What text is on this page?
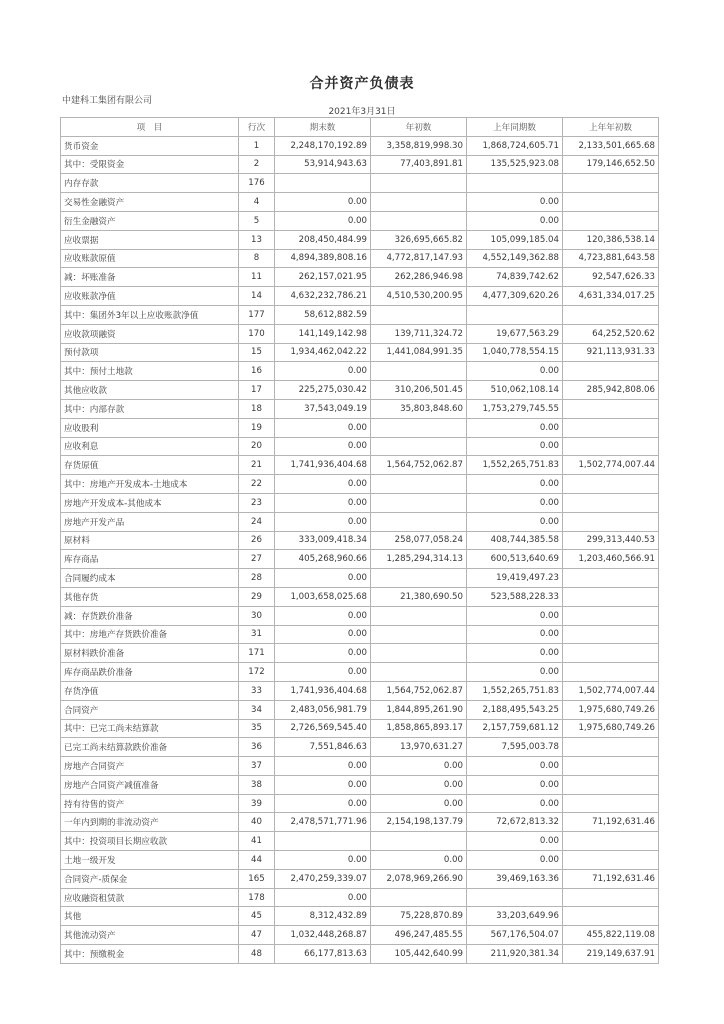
合并资产负债表
中建科工集团有限公司
2021年3月31日
项　目	行次	期末数	年初数	上年同期数	上年年初数
货币资金	1	2,248,170,192.89	3,358,819,998.30	1,868,724,605.71	2,133,501,665.68
其中：受限资金	2	53,914,943.63	77,403,891.81	135,525,923.08	179,146,652.50
内存存款	176				
交易性金融资产	4	0.00		0.00	
衍生金融资产	5	0.00		0.00	
应收票据	13	208,450,484.99	326,695,665.82	105,099,185.04	120,386,538.14
应收账款原值	8	4,894,389,808.16	4,772,817,147.93	4,552,149,362.88	4,723,881,643.58
减：坏账准备	11	262,157,021.95	262,286,946.98	74,839,742.62	92,547,626.33
应收账款净值	14	4,632,232,786.21	4,510,530,200.95	4,477,309,620.26	4,631,334,017.25
其中：集团外3年以上应收账款净值	177	58,612,882.59			
应收款项融资	170	141,149,142.98	139,711,324.72	19,677,563.29	64,252,520.62
预付款项	15	1,934,462,042.22	1,441,084,991.35	1,040,778,554.15	921,113,931.33
其中：预付土地款	16	0.00		0.00	
其他应收款	17	225,275,030.42	310,206,501.45	510,062,108.14	285,942,808.06
其中：内部存款	18	37,543,049.19	35,803,848.60	1,753,279,745.55	
应收股利	19	0.00		0.00	
应收利息	20	0.00		0.00	
存货原值	21	1,741,936,404.68	1,564,752,062.87	1,552,265,751.83	1,502,774,007.44
其中：房地产开发成本-土地成本	22	0.00		0.00	
房地产开发成本-其他成本	23	0.00		0.00	
房地产开发产品	24	0.00		0.00	
原材料	26	333,009,418.34	258,077,058.24	408,744,385.58	299,313,440.53
库存商品	27	405,268,960.66	1,285,294,314.13	600,513,640.69	1,203,460,566.91
合同履约成本	28	0.00		19,419,497.23	
其他存货	29	1,003,658,025.68	21,380,690.50	523,588,228.33	
减：存货跌价准备	30	0.00		0.00	
其中：房地产存货跌价准备	31	0.00		0.00	
原材料跌价准备	171	0.00		0.00	
库存商品跌价准备	172	0.00		0.00	
存货净值	33	1,741,936,404.68	1,564,752,062.87	1,552,265,751.83	1,502,774,007.44
合同资产	34	2,483,056,981.79	1,844,895,261.90	2,188,495,543.25	1,975,680,749.26
其中：已完工尚未结算款	35	2,726,569,545.40	1,858,865,893.17	2,157,759,681.12	1,975,680,749.26
已完工尚未结算款跌价准备	36	7,551,846.63	13,970,631.27	7,595,003.78	
房地产合同资产	37	0.00	0.00	0.00	
房地产合同资产减值准备	38	0.00	0.00	0.00	
持有待售的资产	39	0.00	0.00	0.00	
一年内到期的非流动资产	40	2,478,571,771.96	2,154,198,137.79	72,672,813.32	71,192,631.46
其中：投资项目长期应收款	41			0.00	
土地一级开发	44	0.00	0.00	0.00	
合同资产-质保金	165	2,470,259,339.07	2,078,969,266.90	39,469,163.36	71,192,631.46
应收融资租赁款	178	0.00			
其他	45	8,312,432.89	75,228,870.89	33,203,649.96	
其他流动资产	47	1,032,448,268.87	496,247,485.55	567,176,504.07	455,822,119.08
其中：预缴税金	48	66,177,813.63	105,442,640.99	211,920,381.34	219,149,637.91
